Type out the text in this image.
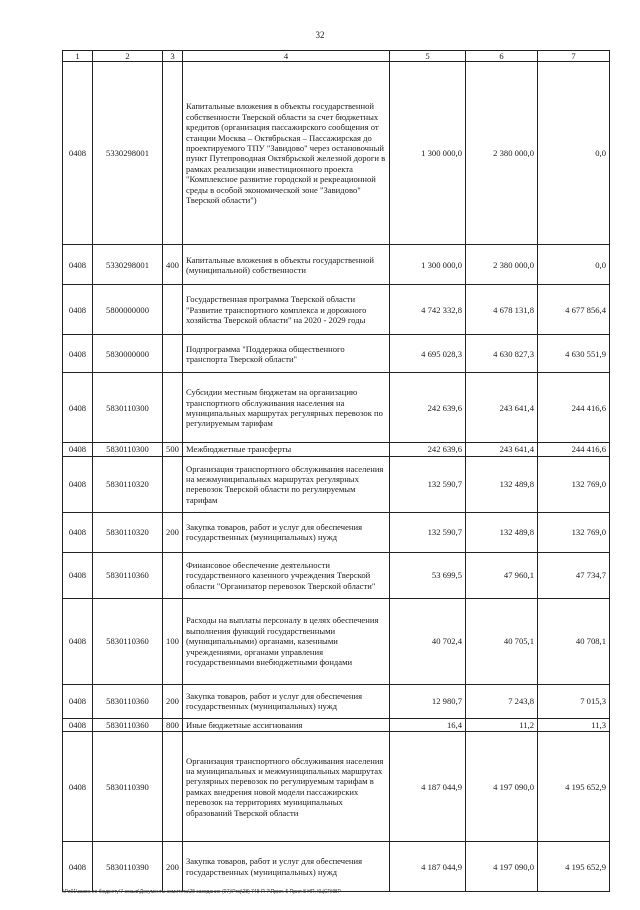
32
1	2	3	4	5	6	7
0408	5330298001		Капитальные вложения в объекты государственной собственности Тверской области за счет бюджетных кредитов (организация пассажирского сообщения от станции Москва – Октябрьская – Пассажирская до проектируемого ТПУ "Завидово" через остановочный пункт Путепроводная Октябрьской железной дороги в рамках реализации инвестиционного проекта "Комплексное развитие городской и рекреационной среды в особой экономической зоне "Завидово" Тверской области")	1 300 000,0	2 380 000,0	0,0
0408	5330298001	400	Капитальные вложения в объекты государственной (муниципальной) собственности	1 300 000,0	2 380 000,0	0,0
0408	5800000000		Государственная программа Тверской области "Развитие транспортного комплекса и дорожного хозяйства Тверской области" на 2020 - 2029 годы	4 742 332,8	4 678 131,8	4 677 856,4
0408	5830000000		Подпрограмма "Поддержка общественного транспорта Тверской области"	4 695 028,3	4 630 827,3	4 630 551,9
0408	5830110300		Субсидии местным бюджетам на организацию транспортного обслуживания населения на муниципальных маршрутах регулярных перевозок по регулируемым тарифам	242 639,6	243 641,4	244 416,6
0408	5830110300	500	Межбюджетные трансферты	242 639,6	243 641,4	244 416,6
0408	5830110320		Организация транспортного обслуживания населения на межмуниципальных маршрутах регулярных перевозок Тверской области по регулируемым тарифам	132 590,7	132 489,8	132 769,0
0408	5830110320	200	Закупка товаров, работ и услуг для обеспечения государственных (муниципальных) нужд	132 590,7	132 489,8	132 769,0
0408	5830110360		Финансовое обеспечение деятельности государственного казенного учреждения Тверской области "Организатор перевозок Тверской области"	53 699,5	47 960,1	47 734,7
0408	5830110360	100	Расходы на выплаты персоналу в целях обеспечения выполнения функций государственными (муниципальными) органами, казенными учреждениями, органами управления государственными внебюджетными фондами	40 702,4	40 705,1	40 708,1
0408	5830110360	200	Закупка товаров, работ и услуг для обеспечения государственных (муниципальных) нужд	12 980,7	7 243,8	7 015,3
0408	5830110360	800	Иные бюджетные ассигнования	16,4	11,2	11,3
0408	5830110390		Организация транспортного обслуживания населения на муниципальных и межмуниципальных маршрутах регулярных перевозок по регулируемым тарифам в рамках внедрения новой модели пассажирских перевозок на территориях муниципальных образований Тверской области	4 187 044,9	4 197 090,0	4 195 652,9
0408	5830110390	200	Закупка товаров, работ и услуг для обеспечения государственных (муниципальных) нужд	4 187 044,9	4 197 090,0	4 195 652,9
\\Pz01\закон по бюджету\7 созыв\Документы комитета\28 заседание (07)\Proj\28) 748-П-7\Прил. 5 Прил 8 НП, КЦСР,КВР
